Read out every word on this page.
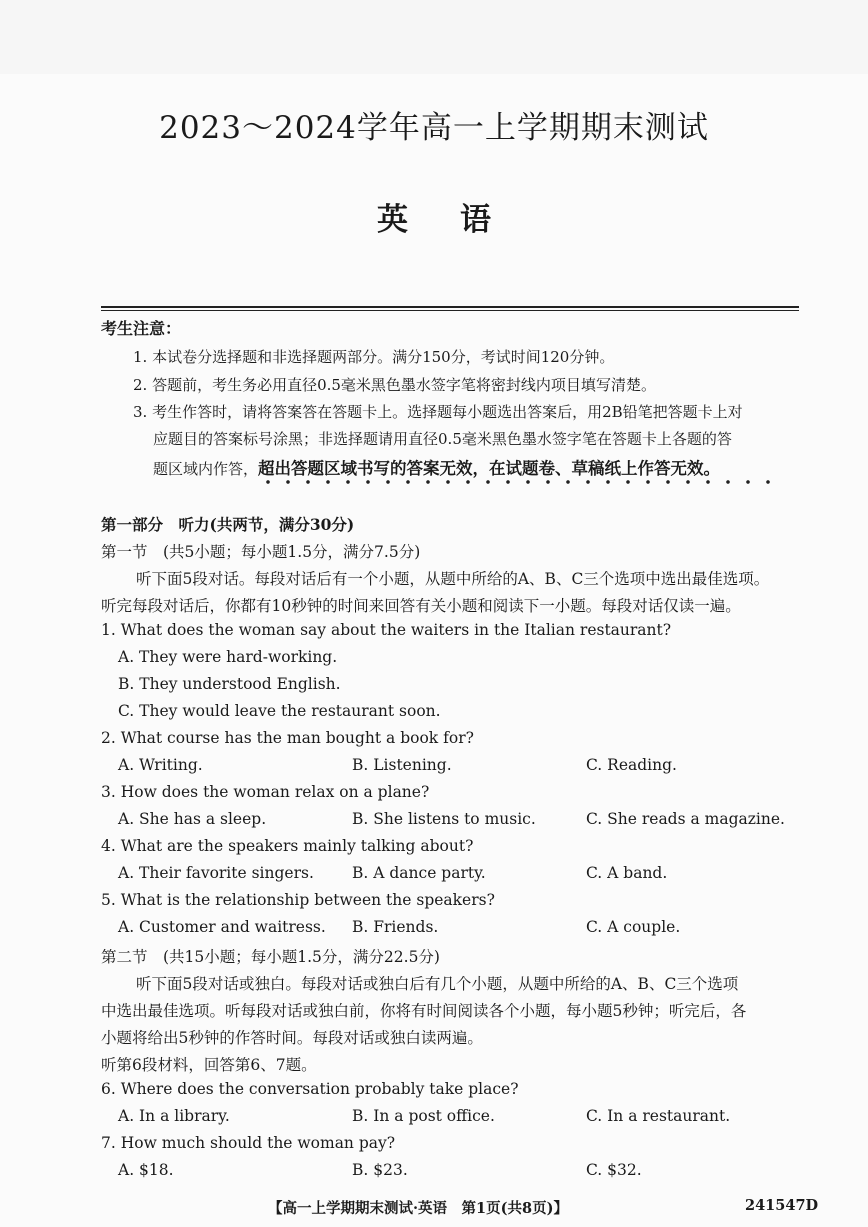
2023～2024学年高一上学期期末测试
英 语
考生注意：
1. 本试卷分选择题和非选择题两部分。满分150分，考试时间120分钟。
2. 答题前，考生务必用直径0.5毫米黑色墨水签字笔将密封线内项目填写清楚。
3. 考生作答时，请将答案答在答题卡上。选择题每小题选出答案后，用2B铅笔把答题卡上对
应题目的答案标号涂黑；非选择题请用直径0.5毫米黑色墨水签字笔在答题卡上各题的答
题区域内作答，超出答题区域书写的答案无效，在试题卷、草稿纸上作答无效。
第一部分　听力(共两节，满分30分)
第一节　(共5小题；每小题1.5分，满分7.5分)
听下面5段对话。每段对话后有一个小题，从题中所给的A、B、C三个选项中选出最佳选项。
听完每段对话后，你都有10秒钟的时间来回答有关小题和阅读下一小题。每段对话仅读一遍。
1. What does the woman say about the waiters in the Italian restaurant?
A. They were hard-working.
B. They understood English.
C. They would leave the restaurant soon.
2. What course has the man bought a book for?
A. Writing.	B. Listening.	C. Reading.
3. How does the woman relax on a plane?
A. She has a sleep.	B. She listens to music.	C. She reads a magazine.
4. What are the speakers mainly talking about?
A. Their favorite singers. B. A dance party.	C. A band.
5. What is the relationship between the speakers?
A. Customer and waitress. B. Friends.	C. A couple.
第二节　(共15小题；每小题1.5分，满分22.5分)
听下面5段对话或独白。每段对话或独白后有几个小题，从题中所给的A、B、C三个选项
中选出最佳选项。听每段对话或独白前，你将有时间阅读各个小题，每小题5秒钟；听完后，各
小题将给出5秒钟的作答时间。每段对话或独白读两遍。
听第6段材料，回答第6、7题。
6. Where does the conversation probably take place?
A. In a library.	B. In a post office.	C. In a restaurant.
7. How much should the woman pay?
A. $18.	B. $23.	C. $32.
【高一上学期期末测试·英语　第1页(共8页)】	241547D
